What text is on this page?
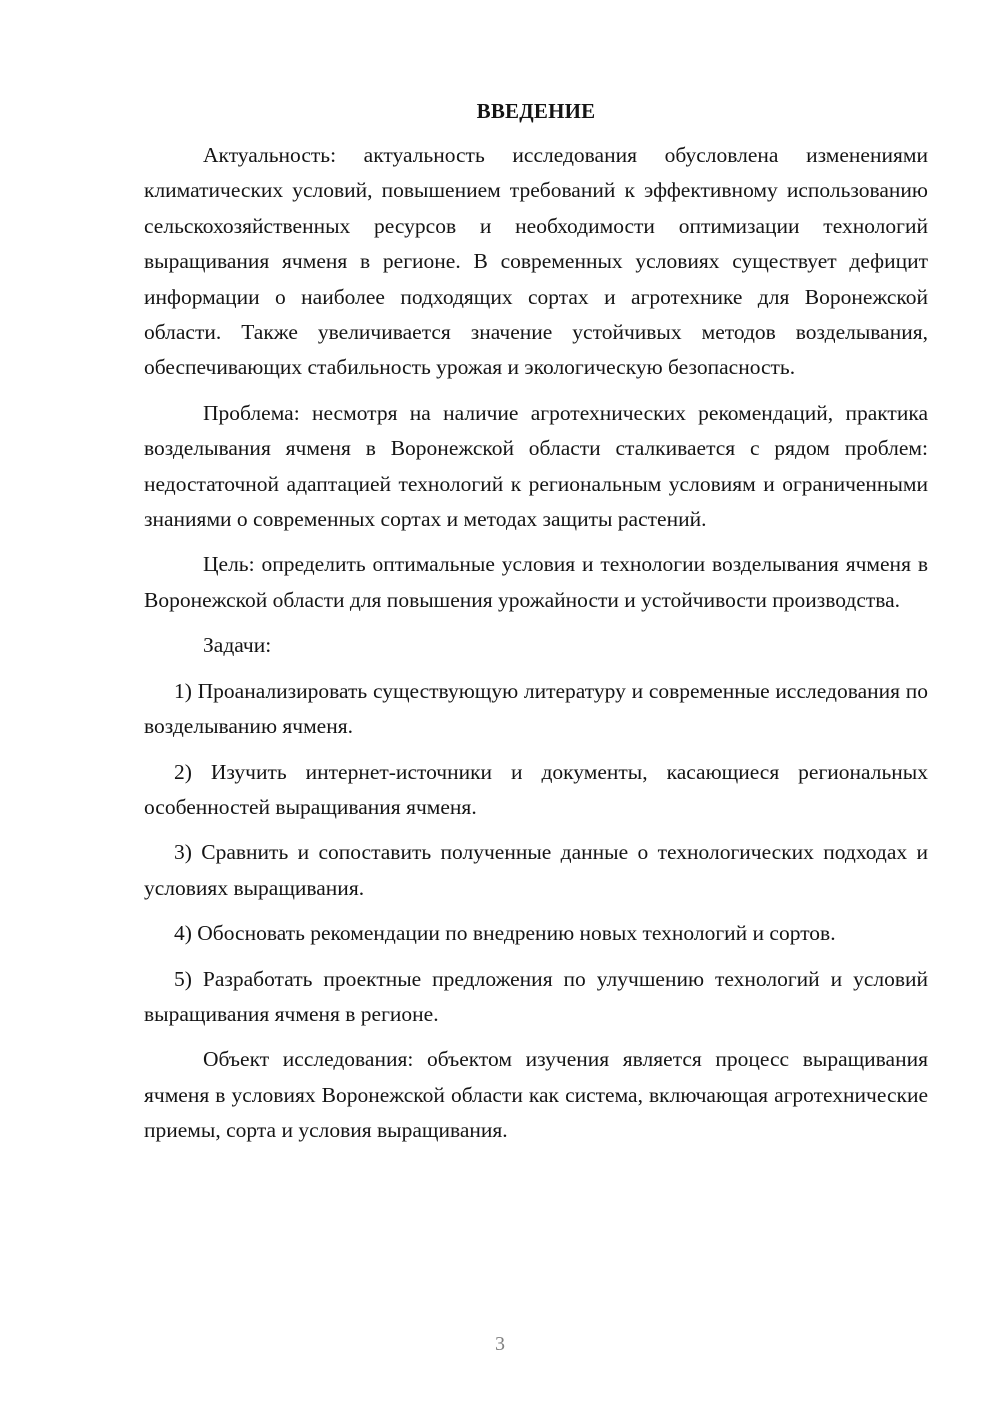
ВВЕДЕНИЕ

Актуальность: актуальность исследования обусловлена изменениями климатических условий, повышением требований к эффективному использованию сельскохозяйственных ресурсов и необходимости оптимизации технологий выращивания ячменя в регионе. В современных условиях существует дефицит информации о наиболее подходящих сортах и агротехнике для Воронежской области. Также увеличивается значение устойчивых методов возделывания, обеспечивающих стабильность урожая и экологическую безопасность.

Проблема: несмотря на наличие агротехнических рекомендаций, практика возделывания ячменя в Воронежской области сталкивается с рядом проблем: недостаточной адаптацией технологий к региональным условиям и ограниченными знаниями о современных сортах и методах защиты растений.

Цель: определить оптимальные условия и технологии возделывания ячменя в Воронежской области для повышения урожайности и устойчивости производства.

Задачи:

1) Проанализировать существующую литературу и современные исследования по возделыванию ячменя.

2) Изучить интернет-источники и документы, касающиеся региональных особенностей выращивания ячменя.

3) Сравнить и сопоставить полученные данные о технологических подходах и условиях выращивания.

4) Обосновать рекомендации по внедрению новых технологий и сортов.

5) Разработать проектные предложения по улучшению технологий и условий выращивания ячменя в регионе.

Объект исследования: объектом изучения является процесс выращивания ячменя в условиях Воронежской области как система, включающая агротехнические приемы, сорта и условия выращивания.

3
